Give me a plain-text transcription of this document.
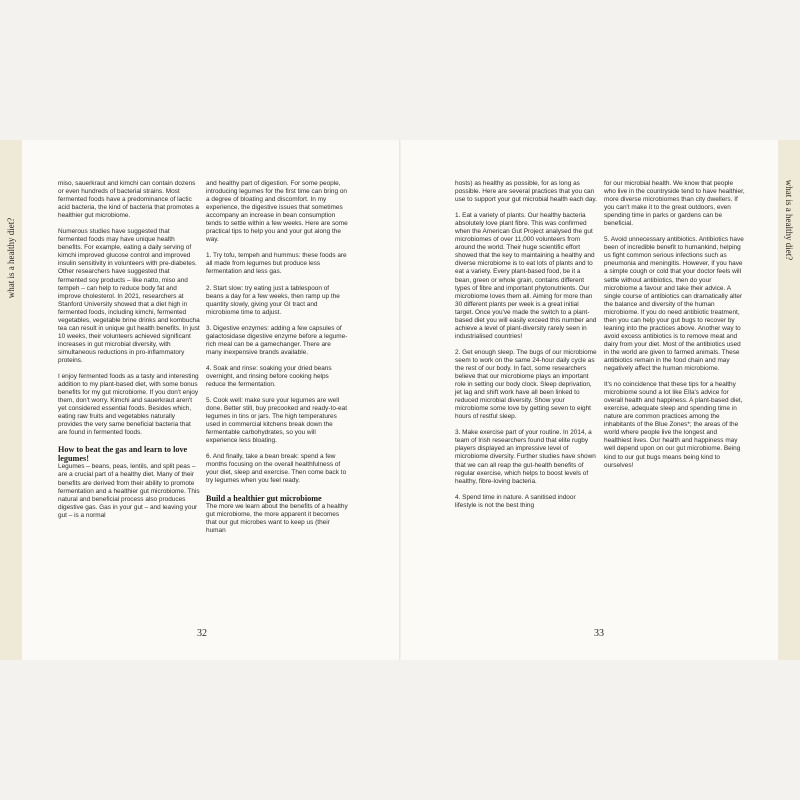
what is a healthy diet?	what is a healthy diet?

miso, sauerkraut and kimchi can contain dozens or even hundreds of bacterial strains. Most fermented foods have a predominance of lactic acid bacteria, the kind of bacteria that promotes a healthier gut microbiome.

Numerous studies have suggested that fermented foods may have unique health benefits. For example, eating a daily serving of kimchi improved glucose control and improved insulin sensitivity in volunteers with pre-diabetes. Other researchers have suggested that fermented soy products – like natto, miso and tempeh – can help to reduce body fat and improve cholesterol. In 2021, researchers at Stanford University showed that a diet high in fermented foods, including kimchi, fermented vegetables, vegetable brine drinks and kombucha tea can result in unique gut health benefits. In just 10 weeks, their volunteers achieved significant increases in gut microbial diversity, with simultaneous reductions in pro-inflammatory proteins.

I enjoy fermented foods as a tasty and interesting addition to my plant-based diet, with some bonus benefits for my gut microbiome. If you don't enjoy them, don't worry. Kimchi and sauerkraut aren't yet considered essential foods. Besides which, eating raw fruits and vegetables naturally provides the very same beneficial bacteria that are found in fermented foods.

How to beat the gas and learn to love legumes!

Legumes – beans, peas, lentils, and split peas – are a crucial part of a healthy diet. Many of their benefits are derived from their ability to promote fermentation and a healthier gut microbiome. This natural and beneficial process also produces digestive gas. Gas in your gut – and leaving your gut – is a normal

and healthy part of digestion. For some people, introducing legumes for the first time can bring on a degree of bloating and discomfort. In my experience, the digestive issues that sometimes accompany an increase in bean consumption tends to settle within a few weeks. Here are some practical tips to help you and your gut along the way.

1. Try tofu, tempeh and hummus: these foods are all made from legumes but produce less fermentation and less gas.

2. Start slow: try eating just a tablespoon of beans a day for a few weeks, then ramp up the quantity slowly, giving your GI tract and microbiome time to adjust.

3. Digestive enzymes: adding a few capsules of galactosidase digestive enzyme before a legume-rich meal can be a gamechanger. There are many inexpensive brands available.

4. Soak and rinse: soaking your dried beans overnight, and rinsing before cooking helps reduce the fermentation.

5. Cook well: make sure your legumes are well done. Better still, buy precooked and ready-to-eat legumes in tins or jars. The high temperatures used in commercial kitchens break down the fermentable carbohydrates, so you will experience less bloating.

6. And finally, take a bean break: spend a few months focusing on the overall healthfulness of your diet, sleep and exercise. Then come back to try legumes when you feel ready.

Build a healthier gut microbiome

The more we learn about the benefits of a healthy gut microbiome, the more apparent it becomes that our gut microbes want to keep us (their human

hosts) as healthy as possible, for as long as possible. Here are several practices that you can use to support your gut microbial health each day.

1. Eat a variety of plants. Our healthy bacteria absolutely love plant fibre. This was confirmed when the American Gut Project analysed the gut microbiomes of over 11,000 volunteers from around the world. Their huge scientific effort showed that the key to maintaining a healthy and diverse microbiome is to eat lots of plants and to eat a variety. Every plant-based food, be it a bean, green or whole grain, contains different types of fibre and important phytonutrients. Our microbiome loves them all. Aiming for more than 30 different plants per week is a great initial target. Once you've made the switch to a plant-based diet you will easily exceed this number and achieve a level of plant-diversity rarely seen in industrialised countries!

2. Get enough sleep. The bugs of our microbiome seem to work on the same 24-hour daily cycle as the rest of our body. In fact, some researchers believe that our microbiome plays an important role in setting our body clock. Sleep deprivation, jet lag and shift work have all been linked to reduced microbial diversity. Show your microbiome some love by getting seven to eight hours of restful sleep.

3. Make exercise part of your routine. In 2014, a team of Irish researchers found that elite rugby players displayed an impressive level of microbiome diversity. Further studies have shown that we can all reap the gut-health benefits of regular exercise, which helps to boost levels of healthy, fibre-loving bacteria.

4. Spend time in nature. A sanitised indoor lifestyle is not the best thing

for our microbial health. We know that people who live in the countryside tend to have healthier, more diverse microbiomes than city dwellers. If you can't make it to the great outdoors, even spending time in parks or gardens can be beneficial.

5. Avoid unnecessary antibiotics. Antibiotics have been of incredible benefit to humankind, helping us fight common serious infections such as pneumonia and meningitis. However, if you have a simple cough or cold that your doctor feels will settle without antibiotics, then do your microbiome a favour and take their advice. A single course of antibiotics can dramatically alter the balance and diversity of the human microbiome. If you do need antibiotic treatment, then you can help your gut bugs to recover by leaning into the practices above. Another way to avoid excess antibiotics is to remove meat and dairy from your diet. Most of the antibiotics used in the world are given to farmed animals. These antibiotics remain in the food chain and may negatively affect the human microbiome.

It's no coincidence that these tips for a healthy microbiome sound a lot like Ella's advice for overall health and happiness. A plant-based diet, exercise, adequate sleep and spending time in nature are common practices among the inhabitants of the Blue Zones*; the areas of the world where people live the longest and healthiest lives. Our health and happiness may well depend upon on our gut microbiome. Being kind to our gut bugs means being kind to ourselves!

32	33
